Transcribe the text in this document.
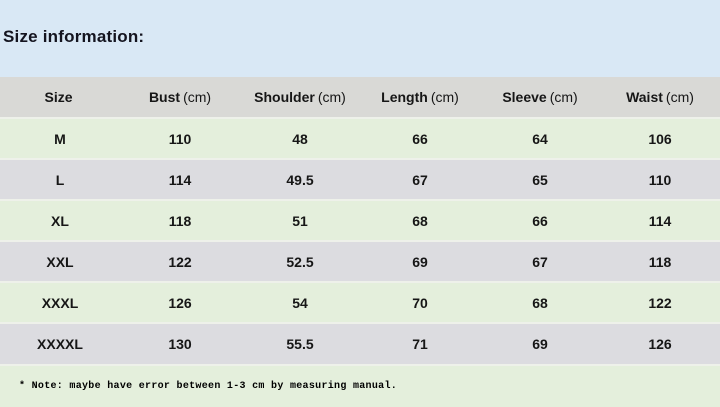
Size information:
Size	Bust (cm)	Shoulder (cm)	Length (cm)	Sleeve (cm)	Waist (cm)
M	110	48	66	64	106
L	114	49.5	67	65	110
XL	118	51	68	66	114
XXL	122	52.5	69	67	118
XXXL	126	54	70	68	122
XXXXL	130	55.5	71	69	126
* Note: maybe have error between 1-3 cm by measuring manual.
